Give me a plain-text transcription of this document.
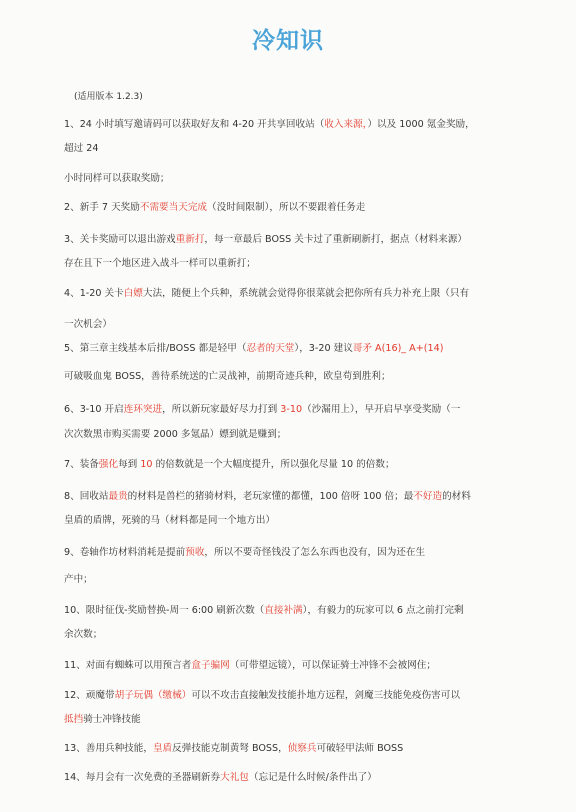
冷知识
(适用版本 1.2.3)
1、24 小时填写邀请码可以获取好友和 4-20 开共享回收站（收入来源，）以及 1000 氪金奖励，
超过 24
小时同样可以获取奖励；
2、新手 7 天奖励不需要当天完成（没时间限制），所以不要跟着任务走
3、关卡奖励可以退出游戏重新打，每一章最后 BOSS 关卡过了重新刷新打，据点（材料来源）
存在且下一个地区进入战斗一样可以重新打；
4、1-20 关卡白嫖大法，随便上个兵种，系统就会觉得你很菜就会把你所有兵力补充上限（只有
一次机会）
5、第三章主线基本后排/BOSS 都是轻甲（忍者的天堂），3-20 建议哥矛 A(16)_ A+(14)
可破吸血鬼 BOSS，善待系统送的亡灵战神，前期奇迹兵种，欧皇苟到胜利；
6、3-10 开启连环突进，所以新玩家最好尽力打到 3-10（沙漏用上），早开启早享受奖励（一
次次数黑市购买需要 2000 多氪晶）嫖到就是赚到；
7、装备强化每到 10 的倍数就是一个大幅度提升，所以强化尽量 10 的倍数；
8、回收站最贵的材料是兽栏的猪骑材料，老玩家懂的都懂，100 倍呀 100 倍；最不好造的材料
皇盾的盾牌，死骑的马（材料都是同一个地方出）
9、卷轴作坊材料消耗是提前预收，所以不要奇怪钱没了怎么东西也没有，因为还在生
产中；
10、限时征伐-奖励替换-周一 6:00 刷新次数（直接补满），有毅力的玩家可以 6 点之前打完剩
余次数；
11、对面有蜘蛛可以用预言者盒子骗网（可带望远镜），可以保证骑士冲锋不会被网住；
12、顽魔带胡子玩偶（缴械）可以不攻击直接触发技能扑地方远程，剑魔三技能免疫伤害可以
抵挡骑士冲锋技能
13、善用兵种技能，皇盾反弹技能克制黄弩 BOSS，侦察兵可破轻甲法师 BOSS
14、每月会有一次免费的圣器刷新券大礼包（忘记是什么时候/条件出了）
